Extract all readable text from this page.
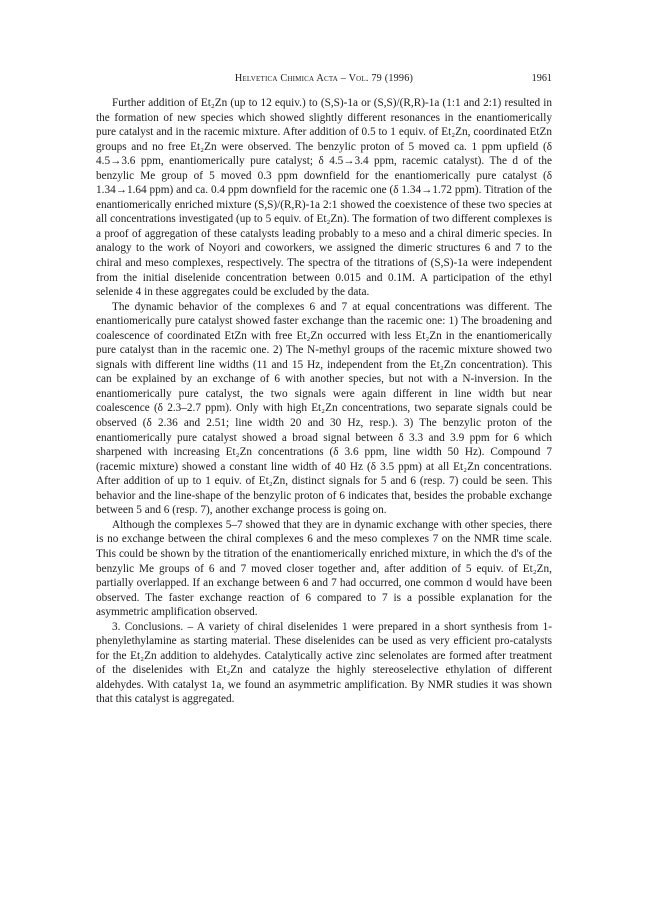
Helvetica Chimica Acta – Vol. 79 (1996)	1961

Further addition of Et₂Zn (up to 12 equiv.) to (S,S)-1a or (S,S)/(R,R)-1a (1:1 and 2:1) resulted in the formation of new species which showed slightly different resonances in the enantiomerically pure catalyst and in the racemic mixture. After addition of 0.5 to 1 equiv. of Et₂Zn, coordinated EtZn groups and no free Et₂Zn were observed. The benzylic proton of 5 moved ca. 1 ppm upfield (δ 4.5→3.6 ppm, enantiomerically pure catalyst; δ 4.5→3.4 ppm, racemic catalyst). The d of the benzylic Me group of 5 moved 0.3 ppm downfield for the enantiomerically pure catalyst (δ 1.34→1.64 ppm) and ca. 0.4 ppm downfield for the racemic one (δ 1.34→1.72 ppm). Titration of the enantiomerically enriched mixture (S,S)/(R,R)-1a 2:1 showed the coexistence of these two species at all concentrations investigated (up to 5 equiv. of Et₂Zn). The formation of two different complexes is a proof of aggregation of these catalysts leading probably to a meso and a chiral dimeric species. In analogy to the work of Noyori and coworkers, we assigned the dimeric structures 6 and 7 to the chiral and meso complexes, respectively. The spectra of the titrations of (S,S)-1a were independent from the initial diselenide concentration between 0.015 and 0.1M. A participation of the ethyl selenide 4 in these aggregates could be excluded by the data.

The dynamic behavior of the complexes 6 and 7 at equal concentrations was different. The enantiomerically pure catalyst showed faster exchange than the racemic one: 1) The broadening and coalescence of coordinated EtZn with free Et₂Zn occurred with less Et₂Zn in the enantiomerically pure catalyst than in the racemic one. 2) The N-methyl groups of the racemic mixture showed two signals with different line widths (11 and 15 Hz, independent from the Et₂Zn concentration). This can be explained by an exchange of 6 with another species, but not with a N-inversion. In the enantiomerically pure catalyst, the two signals were again different in line width but near coalescence (δ 2.3–2.7 ppm). Only with high Et₂Zn concentrations, two separate signals could be observed (δ 2.36 and 2.51; line width 20 and 30 Hz, resp.). 3) The benzylic proton of the enantiomerically pure catalyst showed a broad signal between δ 3.3 and 3.9 ppm for 6 which sharpened with increasing Et₂Zn concentrations (δ 3.6 ppm, line width 50 Hz). Compound 7 (racemic mixture) showed a constant line width of 40 Hz (δ 3.5 ppm) at all Et₂Zn concentrations. After addition of up to 1 equiv. of Et₂Zn, distinct signals for 5 and 6 (resp. 7) could be seen. This behavior and the line-shape of the benzylic proton of 6 indicates that, besides the probable exchange between 5 and 6 (resp. 7), another exchange process is going on.

Although the complexes 5–7 showed that they are in dynamic exchange with other species, there is no exchange between the chiral complexes 6 and the meso complexes 7 on the NMR time scale. This could be shown by the titration of the enantiomerically enriched mixture, in which the d's of the benzylic Me groups of 6 and 7 moved closer together and, after addition of 5 equiv. of Et₂Zn, partially overlapped. If an exchange between 6 and 7 had occurred, one common d would have been observed. The faster exchange reaction of 6 compared to 7 is a possible explanation for the asymmetric amplification observed.

3. Conclusions. – A variety of chiral diselenides 1 were prepared in a short synthesis from 1-phenylethylamine as starting material. These diselenides can be used as very efficient pro-catalysts for the Et₂Zn addition to aldehydes. Catalytically active zinc selenolates are formed after treatment of the diselenides with Et₂Zn and catalyze the highly stereoselective ethylation of different aldehydes. With catalyst 1a, we found an asymmetric amplification. By NMR studies it was shown that this catalyst is aggregated.
